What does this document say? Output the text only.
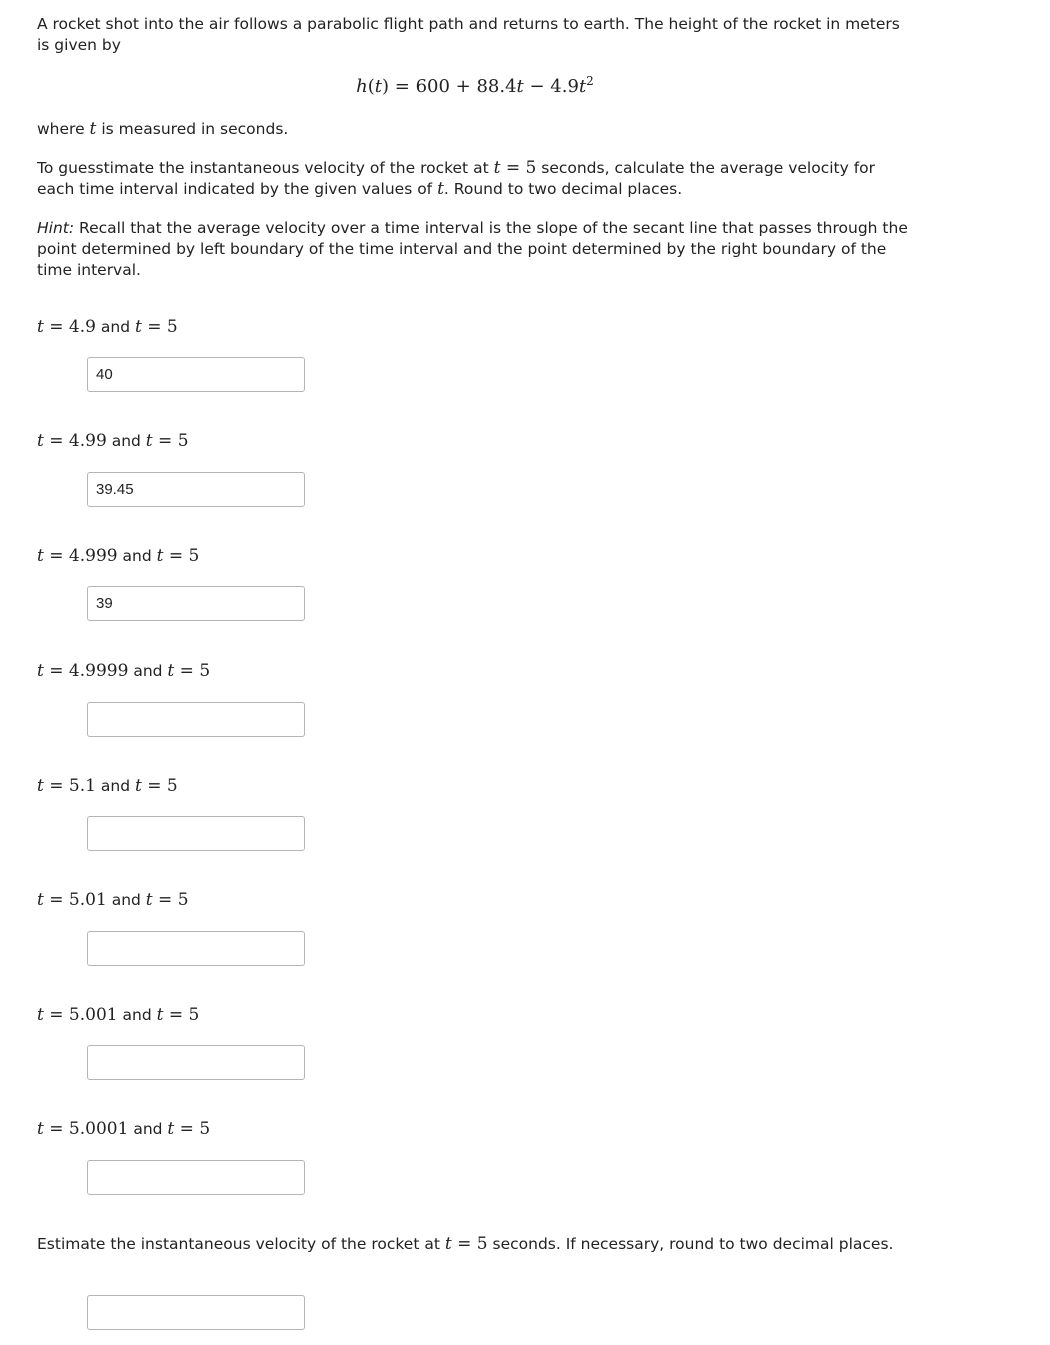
A rocket shot into the air follows a parabolic flight path and returns to earth. The height of the rocket in meters is given by

$h(t) = 600 + 88.4t - 4.9t^2$

where t is measured in seconds.

To guesstimate the instantaneous velocity of the rocket at t = 5 seconds, calculate the average velocity for each time interval indicated by the given values of t. Round to two decimal places.

Hint: Recall that the average velocity over a time interval is the slope of the secant line that passes through the point determined by left boundary of the time interval and the point determined by the right boundary of the time interval.

t = 4.9 and t = 5
40
t = 4.99 and t = 5
39.45
t = 4.999 and t = 5
39
t = 4.9999 and t = 5
t = 5.1 and t = 5
t = 5.01 and t = 5
t = 5.001 and t = 5
t = 5.0001 and t = 5

Estimate the instantaneous velocity of the rocket at t = 5 seconds. If necessary, round to two decimal places.
